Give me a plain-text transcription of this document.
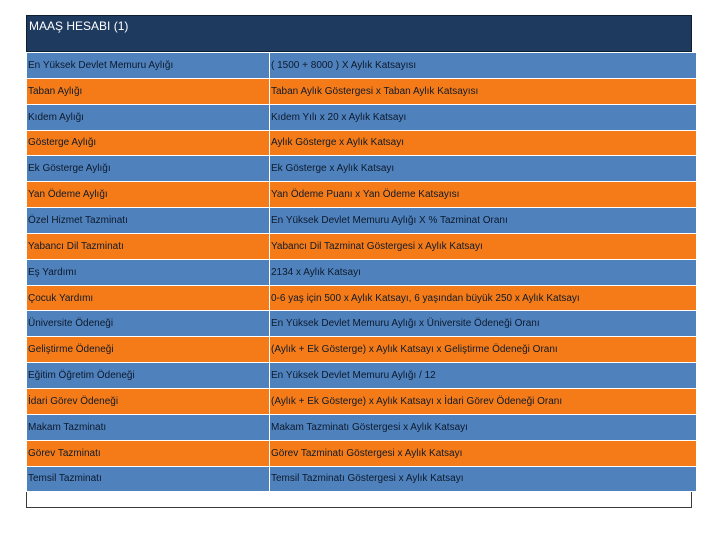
MAAŞ HESABI (1)
En Yüksek Devlet Memuru Aylığı	( 1500 + 8000 ) X Aylık Katsayısı
Taban Aylığı	Taban Aylık Göstergesi x Taban Aylık Katsayısı
Kıdem Aylığı	Kıdem Yılı x 20 x Aylık Katsayı
Gösterge Aylığı	Aylık Gösterge x Aylık Katsayı
Ek Gösterge Aylığı	Ek Gösterge x Aylık Katsayı
Yan Ödeme Aylığı	Yan Ödeme Puanı x Yan Ödeme Katsayısı
Özel Hizmet Tazminatı	En Yüksek Devlet Memuru Aylığı X % Tazminat Oranı
Yabancı Dil Tazminatı	Yabancı Dil Tazminat Göstergesi x Aylık Katsayı
Eş Yardımı	2134 x Aylık Katsayı
Çocuk Yardımı	0-6 yaş için 500 x Aylık Katsayı, 6 yaşından büyük 250 x Aylık Katsayı
Üniversite Ödeneği	En Yüksek Devlet Memuru Aylığı x Üniversite Ödeneği Oranı
Geliştirme Ödeneği	(Aylık + Ek Gösterge) x Aylık Katsayı x Geliştirme Ödeneği Oranı
Eğitim Öğretim Ödeneği	En Yüksek Devlet Memuru Aylığı / 12
İdari Görev Ödeneği	(Aylık + Ek Gösterge) x Aylık Katsayı x İdari Görev Ödeneği Oranı
Makam Tazminatı	Makam Tazminatı Göstergesi x Aylık Katsayı
Görev Tazminatı	Görev Tazminatı Göstergesi x Aylık Katsayı
Temsil Tazminatı	Temsil Tazminatı Göstergesi x Aylık Katsayı
